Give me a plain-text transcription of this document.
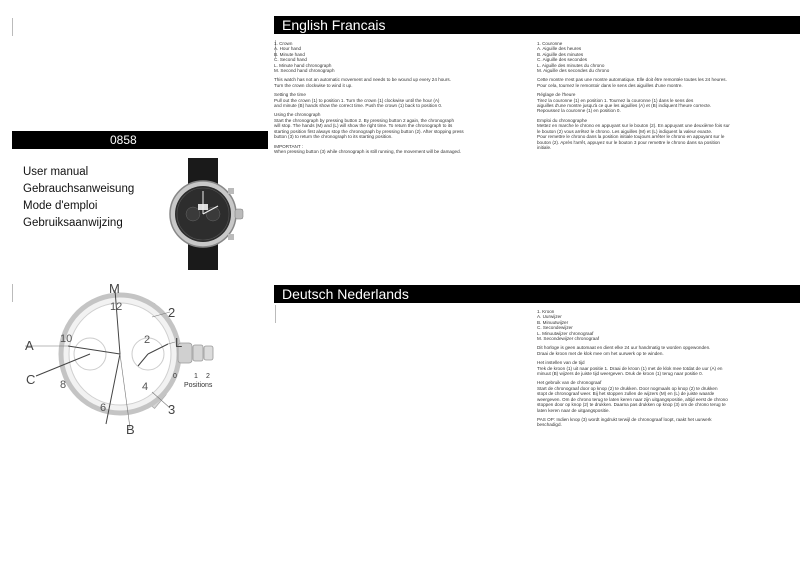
English Francais
0858

User manual

Gebrauchsanweisung

Mode d'emploi

Gebruiksaanwijzing

1. Crown

A. Hour hand

B. Minute hand

C. Second hand

L. Minute hand chronograph

M. Second hand chronograph

This watch has not an automatic movement and needs to be wound up every 24 hours.

Turn the crown clockwise to wind it up.

Setting the time

Pull out the crown (1) to position 1. Turn the crown (1) clockwise until the hour (A)

and minute (B) hands show the correct time. Push the crown (1) back to position 0.

Using the chronograph

Start the chronograph by pressing button 2. By pressing button 2 again, the chronograph

will stop. The hands (M) and (L) will show the right time. To return the chronograph to its

starting position first always stop the chronograph by pressing button (2). After stopping press

button (3) to return the chronograph to its starting position.

IMPORTANT :

When pressing button (3) while chronograph is still running, the movement will be damaged.

1. Couronne

A. Aiguille des heures

B. Aiguille des minutes

C. Aiguille des secondes

L. Aiguille des minutes du chrono

M. Aiguille des secondes du chrono

Cette montre n'est pas une montre automatique. Elle doit être remontée toutes les 24 heures.

Pour cela, tournez le remontoir dans le sens des aiguilles d'une montre.

Réglage de l'heure

Tirez la couronne (1) en position 1. Tournez la couronne (1) dans le sens des

aiguilles d'une montre jusqu'à ce que les aiguilles (A) et (B) indiquent l'heure correcte.

Repoussez la couronne (1) en position 0.

Emploi du chronographe

Mettez en marche le chrono en appuyant sur le bouton (2). En appuyant une deuxième fois sur

le bouton (2) vous arrêtez le chrono. Les aiguilles (M) et (L) indiquent la valeur exacte.

Pour remettre le chrono dans la position initiale toujours arrêter le chrono en appuyant sur le

bouton (2). Après l'arrêt, appuyez sur le bouton 3 pour remettre le chrono dans sa position

initiale.

Deutsch Nederlands
M
2
L
A
C
3
B
10	2
8	4
6
12
0 1 2
Positions

1. Kroon

A. Uurwijzer

B. Minuutwijzer

C. Secondewijzer

L. Minuutwijzer chronograaf

M. Secondewijzer chronograaf

Dit horloge is geen automaat en dient elke 24 uur handmatig te worden opgewonden.

Draai de kroon met de klok mee om het uurwerk op te winden.

Het instellen van de tijd

Trek de kroon (1) uit naar positie 1. Draai de kroon (1) met de klok mee totdat de uur (A) en

minuut (B) wijzers de juiste tijd weergeven. Druk de kroon (1) terug naar positie 0.

Het gebruik van de chronograaf

Start de chronograaf door op knop (2) te drukken. Door nogmaals op knop (2) te drukken

stopt de chronograaf weer. Bij het stoppen zullen de wijzers (M) en (L) de juiste waarde

weergeven. Om de chrono terug te laten keren naar zijn uitgangspositie, altijd eerst de chrono

stoppen door op knop (2) te drukken. Daarna pas drukken op knop (3) om de chrono terug te

laten keren naar de uitgangspositie.

PAS OP: Indien knop (3) wordt ingdrukt terwijl de chronograaf loopt, raakt het uurwerk

beschadigd.
